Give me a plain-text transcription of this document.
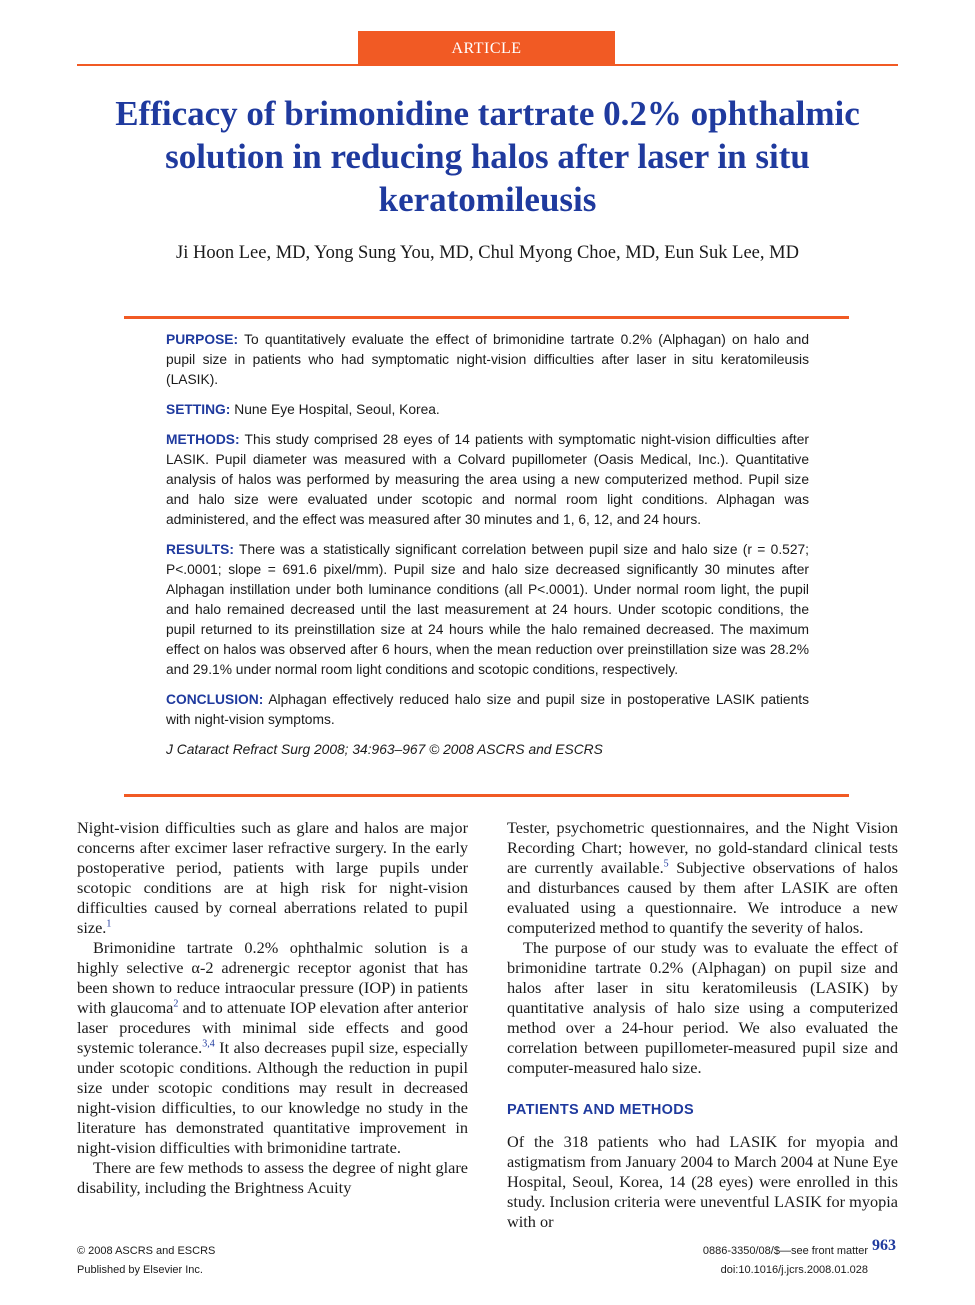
ARTICLE
Efficacy of brimonidine tartrate 0.2% ophthalmic solution in reducing halos after laser in situ keratomileusis
Ji Hoon Lee, MD, Yong Sung You, MD, Chul Myong Choe, MD, Eun Suk Lee, MD

PURPOSE: To quantitatively evaluate the effect of brimonidine tartrate 0.2% (Alphagan) on halo and pupil size in patients who had symptomatic night-vision difficulties after laser in situ keratomileusis (LASIK).

SETTING: Nune Eye Hospital, Seoul, Korea.

METHODS: This study comprised 28 eyes of 14 patients with symptomatic night-vision difficulties after LASIK. Pupil diameter was measured with a Colvard pupillometer (Oasis Medical, Inc.). Quantitative analysis of halos was performed by measuring the area using a new computerized method. Pupil size and halo size were evaluated under scotopic and normal room light conditions. Alphagan was administered, and the effect was measured after 30 minutes and 1, 6, 12, and 24 hours.

RESULTS: There was a statistically significant correlation between pupil size and halo size (r = 0.527; P<.0001; slope = 691.6 pixel/mm). Pupil size and halo size decreased significantly 30 minutes after Alphagan instillation under both luminance conditions (all P<.0001). Under normal room light, the pupil and halo remained decreased until the last measurement at 24 hours. Under scotopic conditions, the pupil returned to its preinstillation size at 24 hours while the halo remained decreased. The maximum effect on halos was observed after 6 hours, when the mean reduction over preinstillation size was 28.2% and 29.1% under normal room light conditions and scotopic conditions, respectively.

CONCLUSION: Alphagan effectively reduced halo size and pupil size in postoperative LASIK patients with night-vision symptoms.

J Cataract Refract Surg 2008; 34:963–967 © 2008 ASCRS and ESCRS

Night-vision difficulties such as glare and halos are major concerns after excimer laser refractive surgery. In the early postoperative period, patients with large pupils under scotopic conditions are at high risk for night-vision difficulties caused by corneal aberrations related to pupil size.$^1$

Brimonidine tartrate 0.2% ophthalmic solution is a highly selective α-2 adrenergic receptor agonist that has been shown to reduce intraocular pressure (IOP) in patients with glaucoma$^2$ and to attenuate IOP elevation after anterior laser procedures with minimal side effects and good systemic tolerance.$^{3,4}$ It also decreases pupil size, especially under scotopic conditions. Although the reduction in pupil size under scotopic conditions may result in decreased night-vision difficulties, to our knowledge no study in the literature has demonstrated quantitative improvement in night-vision difficulties with brimonidine tartrate.

There are few methods to assess the degree of night glare disability, including the Brightness Acuity

Tester, psychometric questionnaires, and the Night Vision Recording Chart; however, no gold-standard clinical tests are currently available.$^5$ Subjective observations of halos and disturbances caused by them after LASIK are often evaluated using a questionnaire. We introduce a new computerized method to quantify the severity of halos.

The purpose of our study was to evaluate the effect of brimonidine tartrate 0.2% (Alphagan) on pupil size and halos after laser in situ keratomileusis (LASIK) by quantitative analysis of halo size using a computerized method over a 24-hour period. We also evaluated the correlation between pupillometer-measured pupil size and computer-measured halo size.

PATIENTS AND METHODS

Of the 318 patients who had LASIK for myopia and astigmatism from January 2004 to March 2004 at Nune Eye Hospital, Seoul, Korea, 14 (28 eyes) were enrolled in this study. Inclusion criteria were uneventful LASIK for myopia with or

© 2008 ASCRS and ESCRS
Published by Elsevier Inc.
0886-3350/08/$—see front matter
doi:10.1016/j.jcrs.2008.01.028
963
